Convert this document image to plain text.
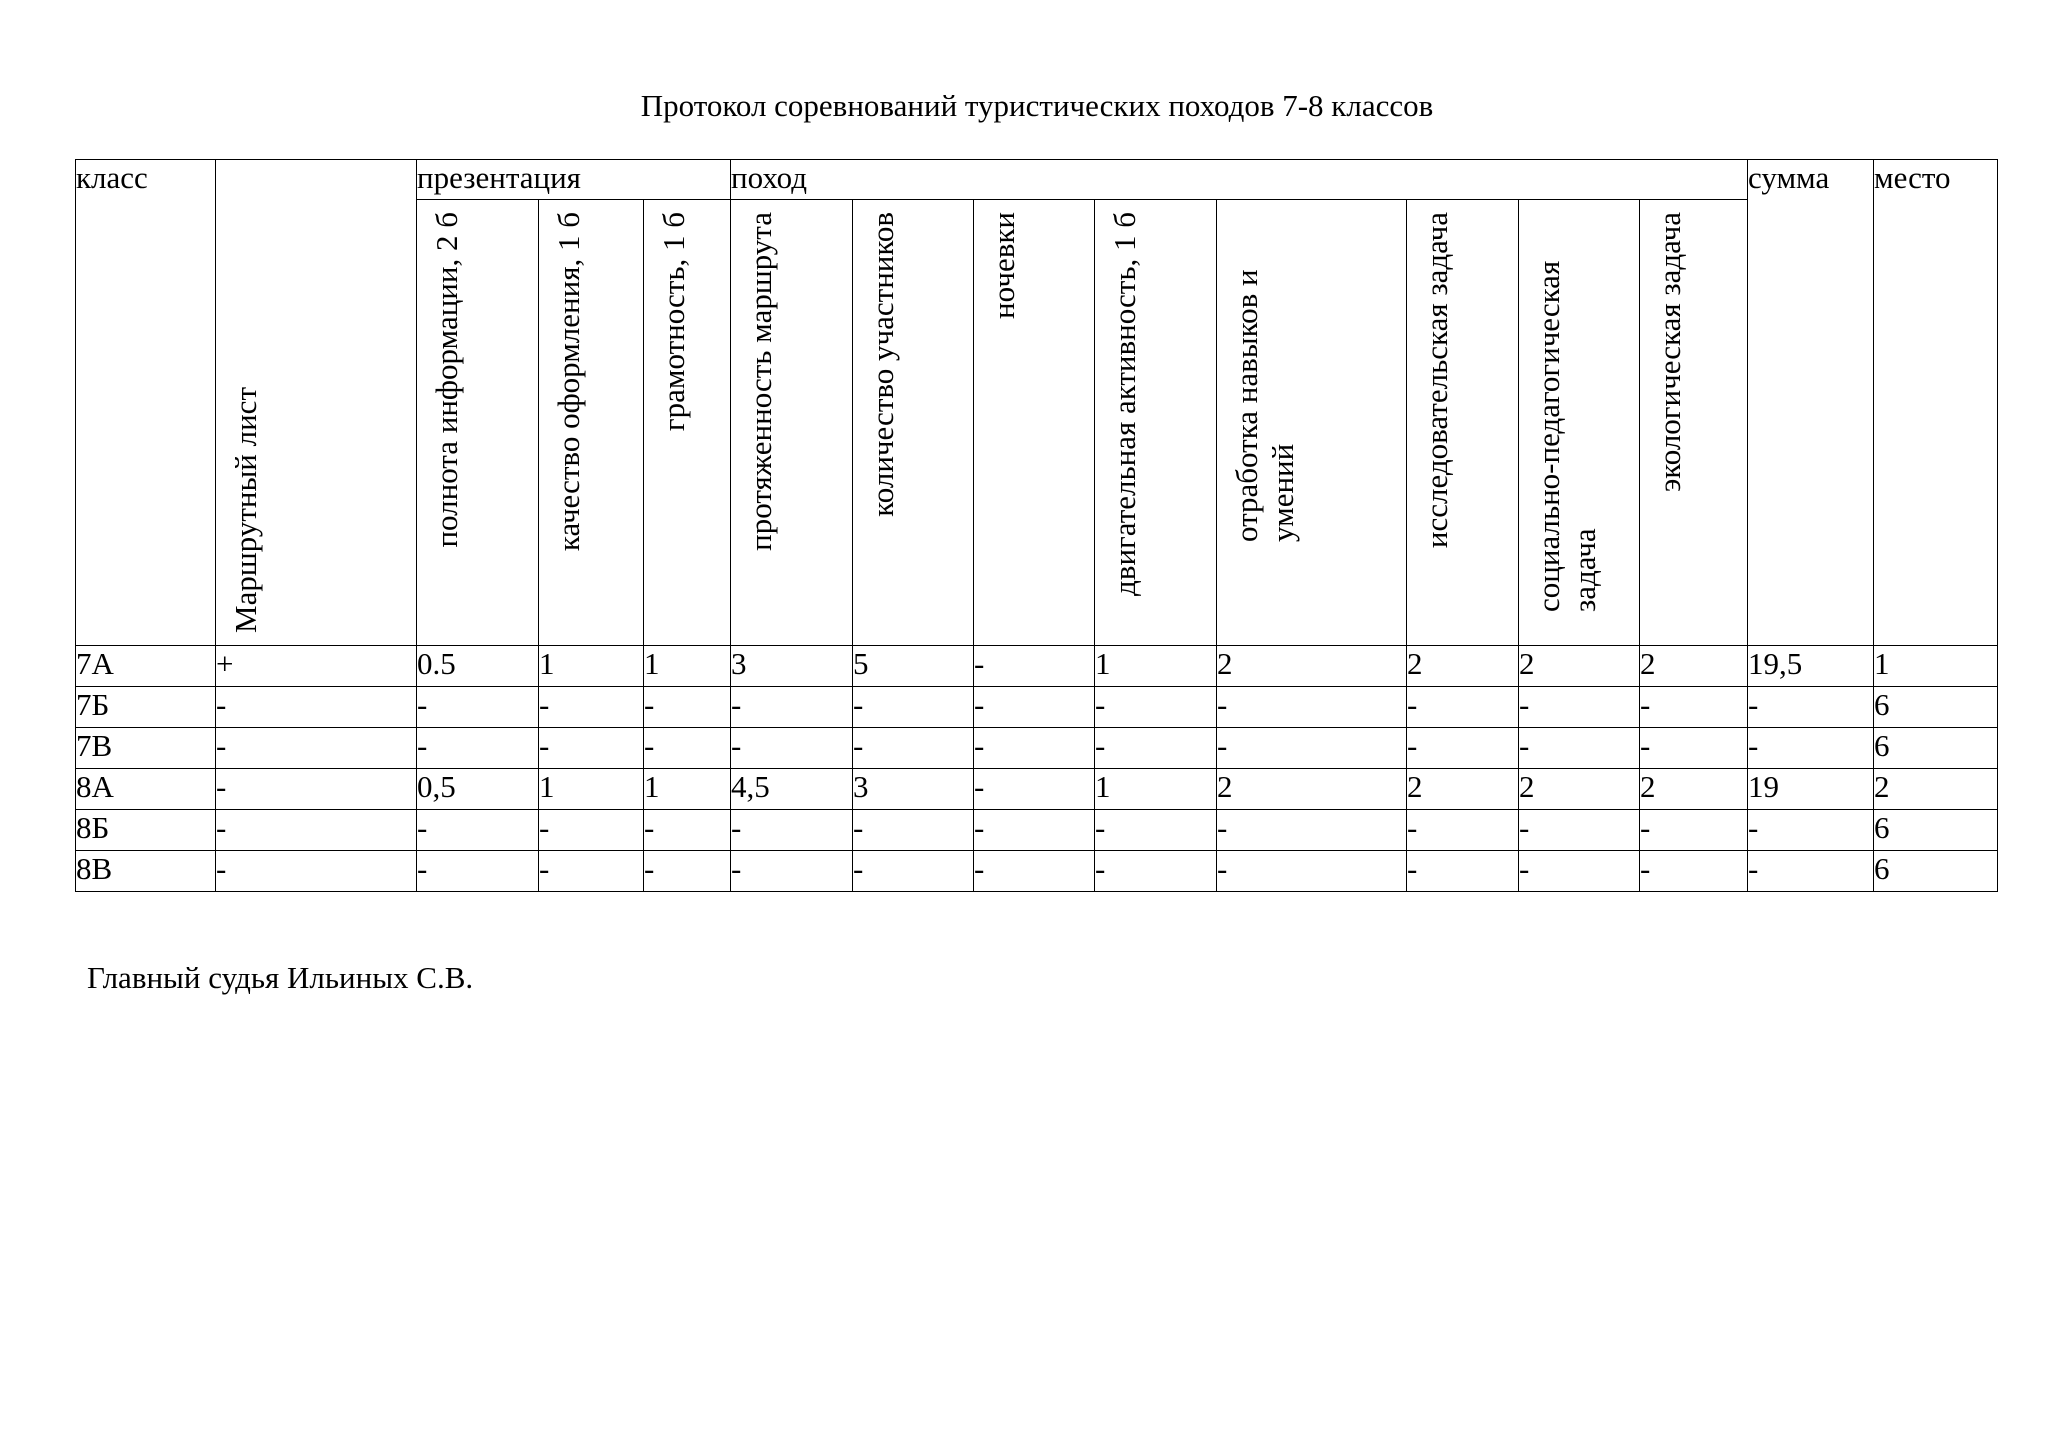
Протокол соревнований туристических походов 7-8 классов
класс	Маршрутный лист	презентация			поход								сумма	место

		полнота информации, 2 б	качество оформления, 1 б	грамотность, 1 б	протяженность маршрута	количество участников	ночевки	двигательная активность, 1 б	отработка навыков и умений	исследовательская задача	социально-педагогическая задача	экологическая задача		

7А	+	0.5	1	1	3	5	-	1	2	2	2	2	19,5	1
7Б	-	-	-	-	-	-	-	-	-	-	-	-	-	6
7В	-	-	-	-	-	-	-	-	-	-	-	-	-	6
8А	-	0,5	1	1	4,5	3	-	1	2	2	2	2	19	2
8Б	-	-	-	-	-	-	-	-	-	-	-	-	-	6
8В	-	-	-	-	-	-	-	-	-	-	-	-	-	6
Главный судья Ильиных С.В.
